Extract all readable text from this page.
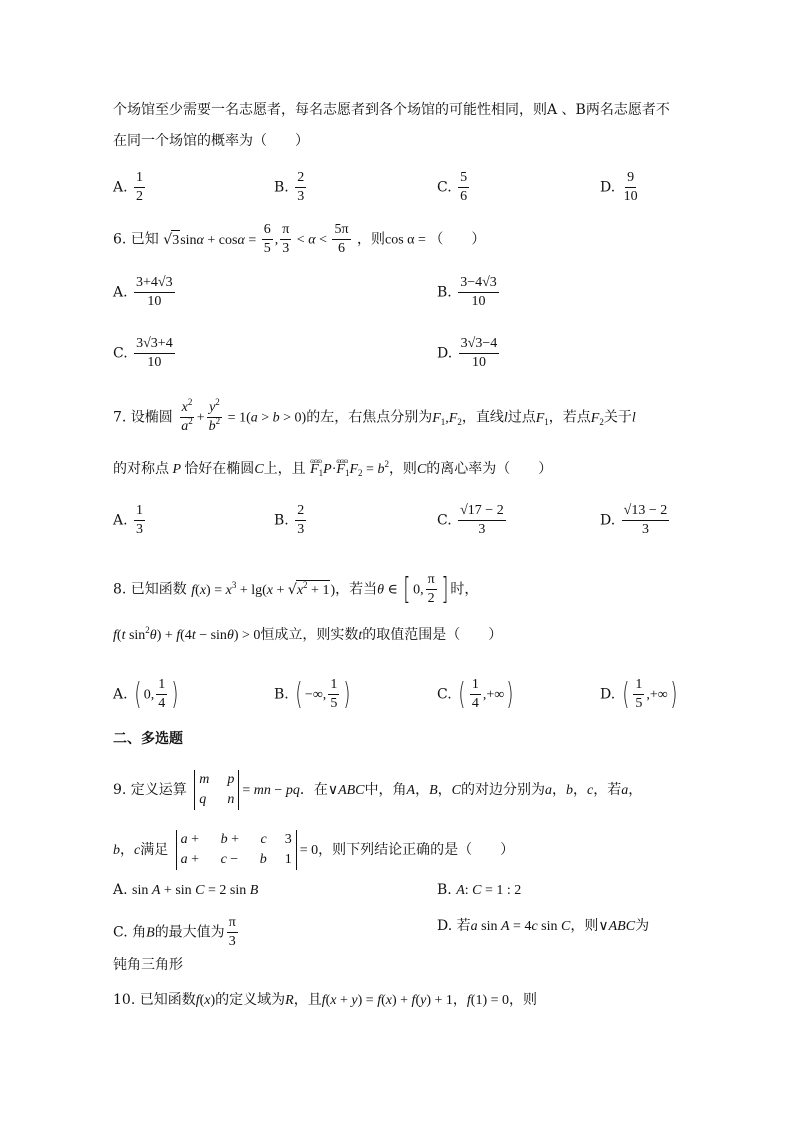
个场馆至少需要一名志愿者，每名志愿者到各个场馆的可能性相同，则A 、B两名志愿者不
在同一个场馆的概率为（　　）
A. $\frac{1}{2}$	B. $\frac{2}{3}$	C. $\frac{5}{6}$	D. $\frac{9}{10}$
6. 已知 $√3\sin\alpha + \cos\alpha = \frac{6}{5}$ , $\frac{\pi}{3} < \alpha < \frac{5\pi}{6}$ ，则cos α = （　　）
A. $\frac{3+4√3}{10}$	B. $\frac{3-4√3}{10}$
C. $\frac{3√3+4}{10}$	D. $\frac{3√3-4}{10}$
7. 设椭圆 $\frac{x^2}{a^2} + \frac{y^2}{b^2} = 1(a > b > 0)$的左，右焦点分别为$F_1,F_2$，直线l过点$F_1$，若点$F_2$关于l
的对称点 P 恰好在椭圆C上，且 ɷɷɷ $F_1P\cdot ɷɷɷ$ $F_1F_2 = b^2$，则C的离心率为（　　）
A. $\frac{1}{3}$	B. $\frac{2}{3}$	C. $\frac{√17 - 2}{3}$	D. $\frac{√13 - 2}{3}$
8. 已知函数 $f(x) = x^3 + \lg(x + √x^2 + 1)$，若当θ ∈ [ 0, $\frac{\pi}{2}$ ] 时，
f(t $\sin^2\theta) + f(4t - \sin\theta) > 0$恒成立，则实数t的取值范围是（　　）
A. ( 0, $\frac{1}{4}$ )	B. ( −∞, $\frac{1}{5}$ )	C. ( $\frac{1}{4}$ ,+∞)	D. ( $\frac{1}{5}$ ,+∞)
二、多选题
9. 定义运算
m p
q n
= mn − pq．在∨ABC中，角A，B，C的对边分别为a，b，c，若a，
b，c满足
a + b + c 3
a + c − b 1
= 0，则下列结论正确的是（　　）
A. sin A + sin C = 2 sin B	B. A: C = 1 : 2
C. 角B的最大值为 $\frac{\pi}{3}$	D. 若a sin A = 4c sin C，则∨ABC为
钝角三角形
10. 已知函数f(x)的定义域为R，且f(x + y) = f(x) + f(y) + 1，f(1) = 0，则
